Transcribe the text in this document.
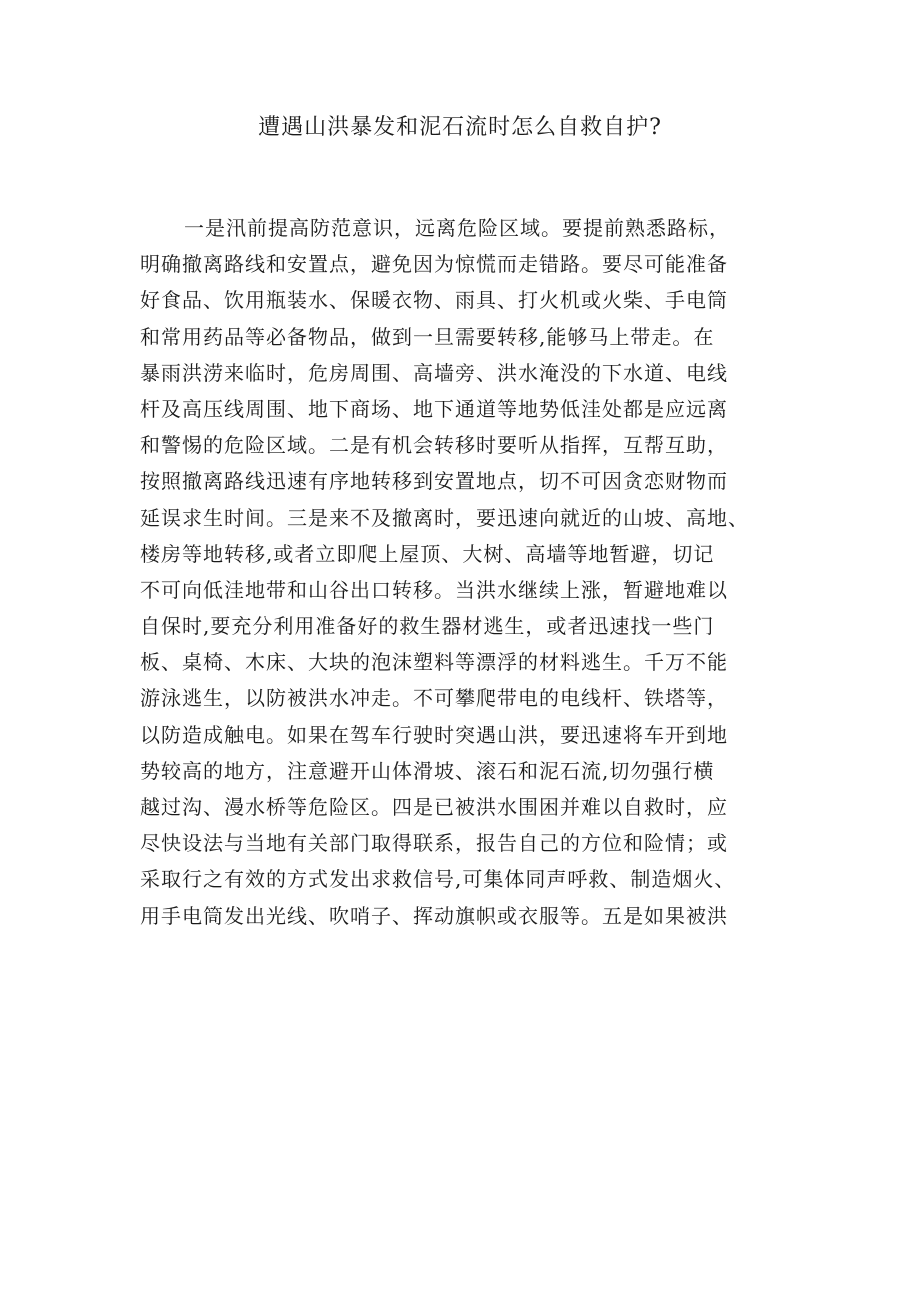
遭遇山洪暴发和泥石流时怎么自救自护?
一是汛前提高防范意识，远离危险区域。要提前熟悉路标，
明确撤离路线和安置点，避免因为惊慌而走错路。要尽可能准备
好食品、饮用瓶装水、保暖衣物、雨具、打火机或火柴、手电筒
和常用药品等必备物品，做到一旦需要转移,能够马上带走。在
暴雨洪涝来临时，危房周围、高墙旁、洪水淹没的下水道、电线
杆及高压线周围、地下商场、地下通道等地势低洼处都是应远离
和警惕的危险区域。二是有机会转移时要听从指挥，互帮互助，
按照撤离路线迅速有序地转移到安置地点，切不可因贪恋财物而
延误求生时间。三是来不及撤离时，要迅速向就近的山坡、高地、
楼房等地转移,或者立即爬上屋顶、大树、高墙等地暂避，切记
不可向低洼地带和山谷出口转移。当洪水继续上涨，暂避地难以
自保时,要充分利用准备好的救生器材逃生，或者迅速找一些门
板、桌椅、木床、大块的泡沫塑料等漂浮的材料逃生。千万不能
游泳逃生，以防被洪水冲走。不可攀爬带电的电线杆、铁塔等，
以防造成触电。如果在驾车行驶时突遇山洪，要迅速将车开到地
势较高的地方，注意避开山体滑坡、滚石和泥石流,切勿强行横
越过沟、漫水桥等危险区。四是已被洪水围困并难以自救时，应
尽快设法与当地有关部门取得联系，报告自己的方位和险情；或
采取行之有效的方式发出求救信号,可集体同声呼救、制造烟火、
用手电筒发出光线、吹哨子、挥动旗帜或衣服等。五是如果被洪
